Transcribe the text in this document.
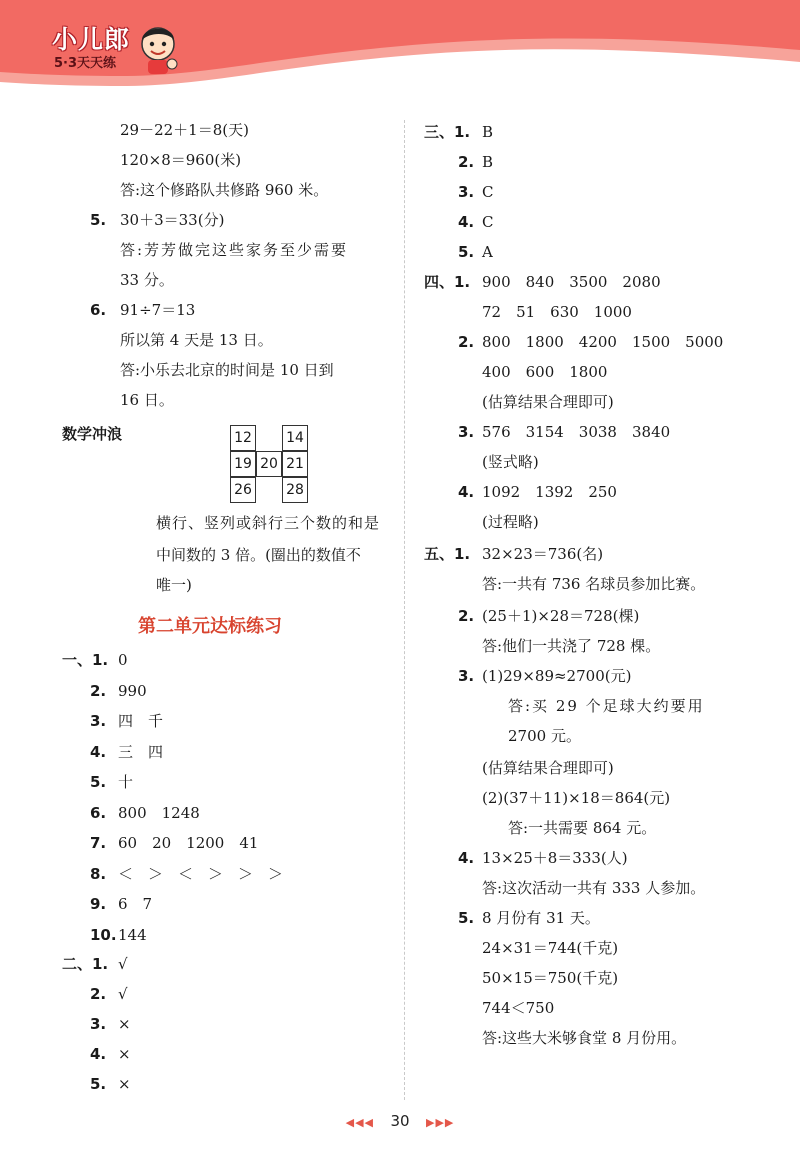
小儿郎
5·3天天练
29－22＋1＝8(天)
120×8＝960(米)
答:这个修路队共修路 960 米。
5. 30＋3＝33(分)
答:芳芳做完这些家务至少需要
33 分。
6. 91÷7＝13
所以第 4 天是 13 日。
答:小乐去北京的时间是 10 日到
16 日。
数学冲浪	12 14
19 20 21
26 28
横行、竖列或斜行三个数的和是
中间数的 3 倍。(圈出的数值不
唯一)
第二单元达标练习
一、1. 0
2. 990
3. 四　千
4. 三　四
5. 十
6. 800　1248
7. 60　20　1200　41
8. ＜　＞　＜　＞　＞　＞
9. 6　7
10. 144
二、1. √
2. √
3. ×
4. ×
5. ×
三、1. B
2. B
3. C
4. C
5. A
四、1. 900　840　3500　2080
72　51　630　1000
2. 800　1800　4200　1500　5000
400　600　1800
(估算结果合理即可)
3. 576　3154　3038　3840
(竖式略)
4. 1092　1392　250
(过程略)
五、1. 32×23＝736(名)
答:一共有 736 名球员参加比赛。
2. (25＋1)×28＝728(棵)
答:他们一共浇了 728 棵。
3. (1)29×89≈2700(元)
答:买 29 个足球大约要用
2700 元。
(估算结果合理即可)
(2)(37＋11)×18＝864(元)
答:一共需要 864 元。
4. 13×25＋8＝333(人)
答:这次活动一共有 333 人参加。
5. 8 月份有 31 天。
24×31＝744(千克)
50×15＝750(千克)
744＜750
答:这些大米够食堂 8 月份用。
◀◀◀ 30 ▶▶▶
